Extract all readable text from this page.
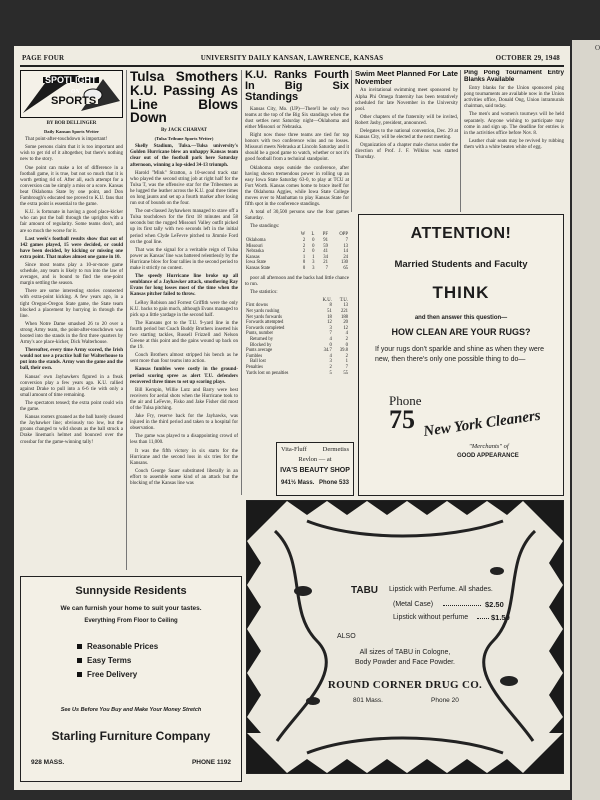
O
PAGE FOUR	UNIVERSITY DAILY KANSAN, LAWRENCE, KANSAS	OCTOBER 29, 1948
SPOTLIGHT
ON
SPORTS
BY BOB DELLINGER
Daily Kansan Sports Writer

That point-after-touchdown is important!

Some persons claim that it is too important and wish to get rid of it altogether, but there's nothing new to the story.

One point can make a lot of difference in a football game, it is true, but not so much that it is worth getting rid of. After all, each attempt for a conversion can be simply a miss or a score. Kansas beat Oklahoma State by one point, and Don Fambrough's educated toe proved to K.U. fans that the extra point is essential to the game.

K.U. is fortunate in having a good place-kicker who can put the ball through the uprights with a fair amount of regularity. Some teams don't, and are so much the worse for it.

Last week's football results show that out of 142 games played, 15 were decided, or could have been decided, by kicking or missing one extra point. That makes almost one game in 10.

Since most teams play a 10-or-more game schedule, any team is likely to run into the law of averages, and is bound to find the one-point margin settling the season.

There are some interesting stories connected with extra-point kicking. A few years ago, in a tight Oregon-Oregon State game, the State team blocked a placement by hurrying in through the line.

When Notre Dame smashed 26 to 20 over a strong Army team, the point-after-touchdown was booted into the stands in the first three quarters by Army's ace place-kicker, Dick Walterhouse.

Thereafter, every time Army scored, the Irish would not use a practice ball for Walterhouse to put into the stands. Army won the game and the ball, their own.

Kansas' own Jayhawkers figured in a freak conversion play a few years ago. K.U. rallied against Drake to pull into a 6-6 tie with only a small amount of time remaining.

The spectators tensed; the extra point could win the game.

Kansas rooters groaned as the ball barely cleared the Jayhawker line; obviously too low, but the groans changed to wild shouts as the ball struck a Drake lineman's helmet and bounced over the crossbar for the game-winning tally!

Tulsa Smothers K.U. Passing As Line Blows Down
By JACK CHARVAT
(Tulsa Tribune Sports Writer)

Skelly Stadium, Tulsa.—Tulsa university's Golden Hurricane blew an unhappy Kansas team clear out of the football park here Saturday afternoon, winning a lop-sided 34-13 triumph.

Harold "Mink" Stratton, a 10-second track star who played the second string job at right half for the Tulsa T, was the offensive star for the Tribesmen as he lugged the leather across the K.U. goal three times on long jaunts and set up a fourth marker after losing run out of bounds on the four.

The out-classed Jayhawkers managed to stave off a Tulsa touchdown for the first 18 minutes and 58 seconds but the rugged Missouri Valley outfit picked up its first tally with two seconds left in the initial period when Clyde LeFevre pitched to Jimmie Ford on the goal line.

That was the signal for a veritable reign of Tulsa power as Kansas' line was battered relentlessly by the Hurricane blow for four tallies in the second period to make it strictly no contest.

The speedy Hurricane line broke up all semblance of a Jayhawker attack, smothering Ray Evans for long losses most of the time when the Kansas pitcher failed to throw.

LeRoy Robison and Forrest Griffith were the only K.U. backs to gain much, although Evans managed to pick up a little yardage in the second half.

The Kansans got to the T.U. 9-yard line in the fourth period but Coach Buddy Brothers inserted his two starting tackles, Russell Frizzell and Nelson Greene at this point and the gains wound up back on the 19.

Couch Brothers almost stripped his bench as he sent more than four teams into action.

Kansas fumbles were costly in the ground-period scoring spree as alert T.U. defenders recovered three times to set up scoring plays.

Bill Kempin, Willie Lutz and Barry were best receivers for aerial shots when the Hurricane took to the air and LeFevre, Fisko and Jake Fisher did most of the Tulsa pitching.

Jake Fry, reserve back for the Jayhawks, was injured in the third period and taken to a hospital for observation.

The game was played to a disappointing crowd of less than 11,000.

It was the fifth victory in six starts for the Hurricane and the second loss in six tries for the Kansans.

Couch George Sauer substituted liberally in an effort to assemble some kind of an attack but the blocking of the Kansas line was

K.U. Ranks Fourth In Big Six Standings

Kansas City, Mo. (UP)—There'll be only two teams at the top of the Big Six standings when the dust settles next Saturday night—Oklahoma and either Missouri or Nebraska.

Right now those three teams are tied for top honors with two conference wins and no losses. Missouri meets Nebraska at Lincoln Saturday and it should be a good game to watch, whether or not it's good football from a technical standpoint.

Oklahoma steps outside the conference, after having shown tremendous power in rolling up an easy Iowa State Saturday 63-0, to play at TCU at Fort Worth. Kansas comes home to brace itself for the Oklahoma Aggies, while Iowa State College moves over to Manhattan to play Kansas State for fifth spot in the conference standings.

A total of 30,500 persons saw the four games Saturday.

The standings:

	W	L	PF	OPP
Oklahoma	2	0	91	7
Missouri	2	0	59	13
Nebraska	2	0	41	14
Kansas	1	1	34	24
Iowa State	0	3	21	130
Kansas State	0	3	7	65

poor all afternoon and the backs had little chance to run.

The statistics:

	K.U.	T.U.
First downs	8	13
Net yards rushing	51	221
Net yards forwards	18	188
Forwards attempted	12	20
Forwards completed	3	12
Punts, number	7	4
Returned by	4	2
Blocked by	0	0
Punts average	34.7	39.8
Fumbles	4	2
Ball lost	3	1
Penalties	2	7
Yards lost on penalties	5	55
Swim Meet Planned For Late November

An invitational swimming meet sponsored by Alpha Phi Omega fraternity has been tentatively scheduled for late November in the University pool.

Other chapters of the fraternity will be invited, Robert Jasby, president, announced.

Delegates to the national convention, Dec. 29 at Kansas City, will be elected at the next meeting.

Organization of a chapter male chorus under the direction of Prof. J. F. Wilkins was started Thursday.

Ping Pong Tournament Entry Blanks Available

Entry blanks for the Union sponsored ping pong tournaments are available now in the Union activities office, Donald Ong, Union intramurals chairman, said today.

The men's and women's tourneys will be held separately. Anyone wishing to participate may come in and sign up. The deadline for entries is in the activities office before Nov. 8.

Leather chair seats may be revived by rubbing them with a white beaten white of egg.

ATTENTION!
Married Students and Faculty
THINK
and then answer this question—
HOW CLEAN ARE YOUR RUGS?
If your rugs don't sparkle and shine as when they were new, then there's only one possible thing to do—
Phone
75 New York Cleaners
"Merchants" of
GOOD APPEARANCE
Vita-Fluff Dermetiss
Revlon — at
IVA'S BEAUTY SHOP
941½ Mass. Phone 533
TABU Lipstick with Perfume. All shades.
(Metal Case)	$2.50
Lipstick without perfume	$1.50
ALSO
All sizes of TABU in Cologne,
Body Powder and Face Powder.
ROUND CORNER DRUG CO.
801 Mass.	Phone 20
Sunnyside Residents
We can furnish your home to suit your tastes.
Everything From Floor to Ceiling
Reasonable Prices
Easy Terms
Free Delivery
See Us Before You Buy and Make Your Money Stretch
Starling Furniture Company
928 MASS.	PHONE 1192
